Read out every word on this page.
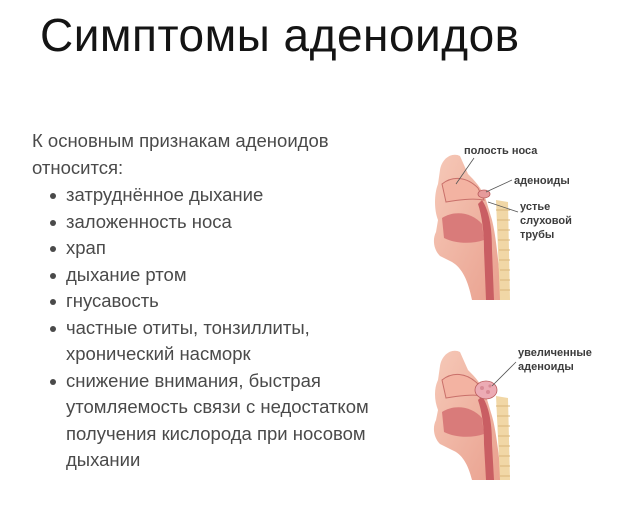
Симптомы аденоидов

К основным признакам аденоидов относится:

затруднённое дыхание
заложенность носа
храп
дыхание ртом
гнусавость
частные отиты, тонзиллиты, хронический насморк
снижение внимания, быстрая утомляемость связи с недостатком получения кислорода при носовом дыхании
полость носа
аденоиды
устье
слуховой
трубы
увеличенные
аденоиды
